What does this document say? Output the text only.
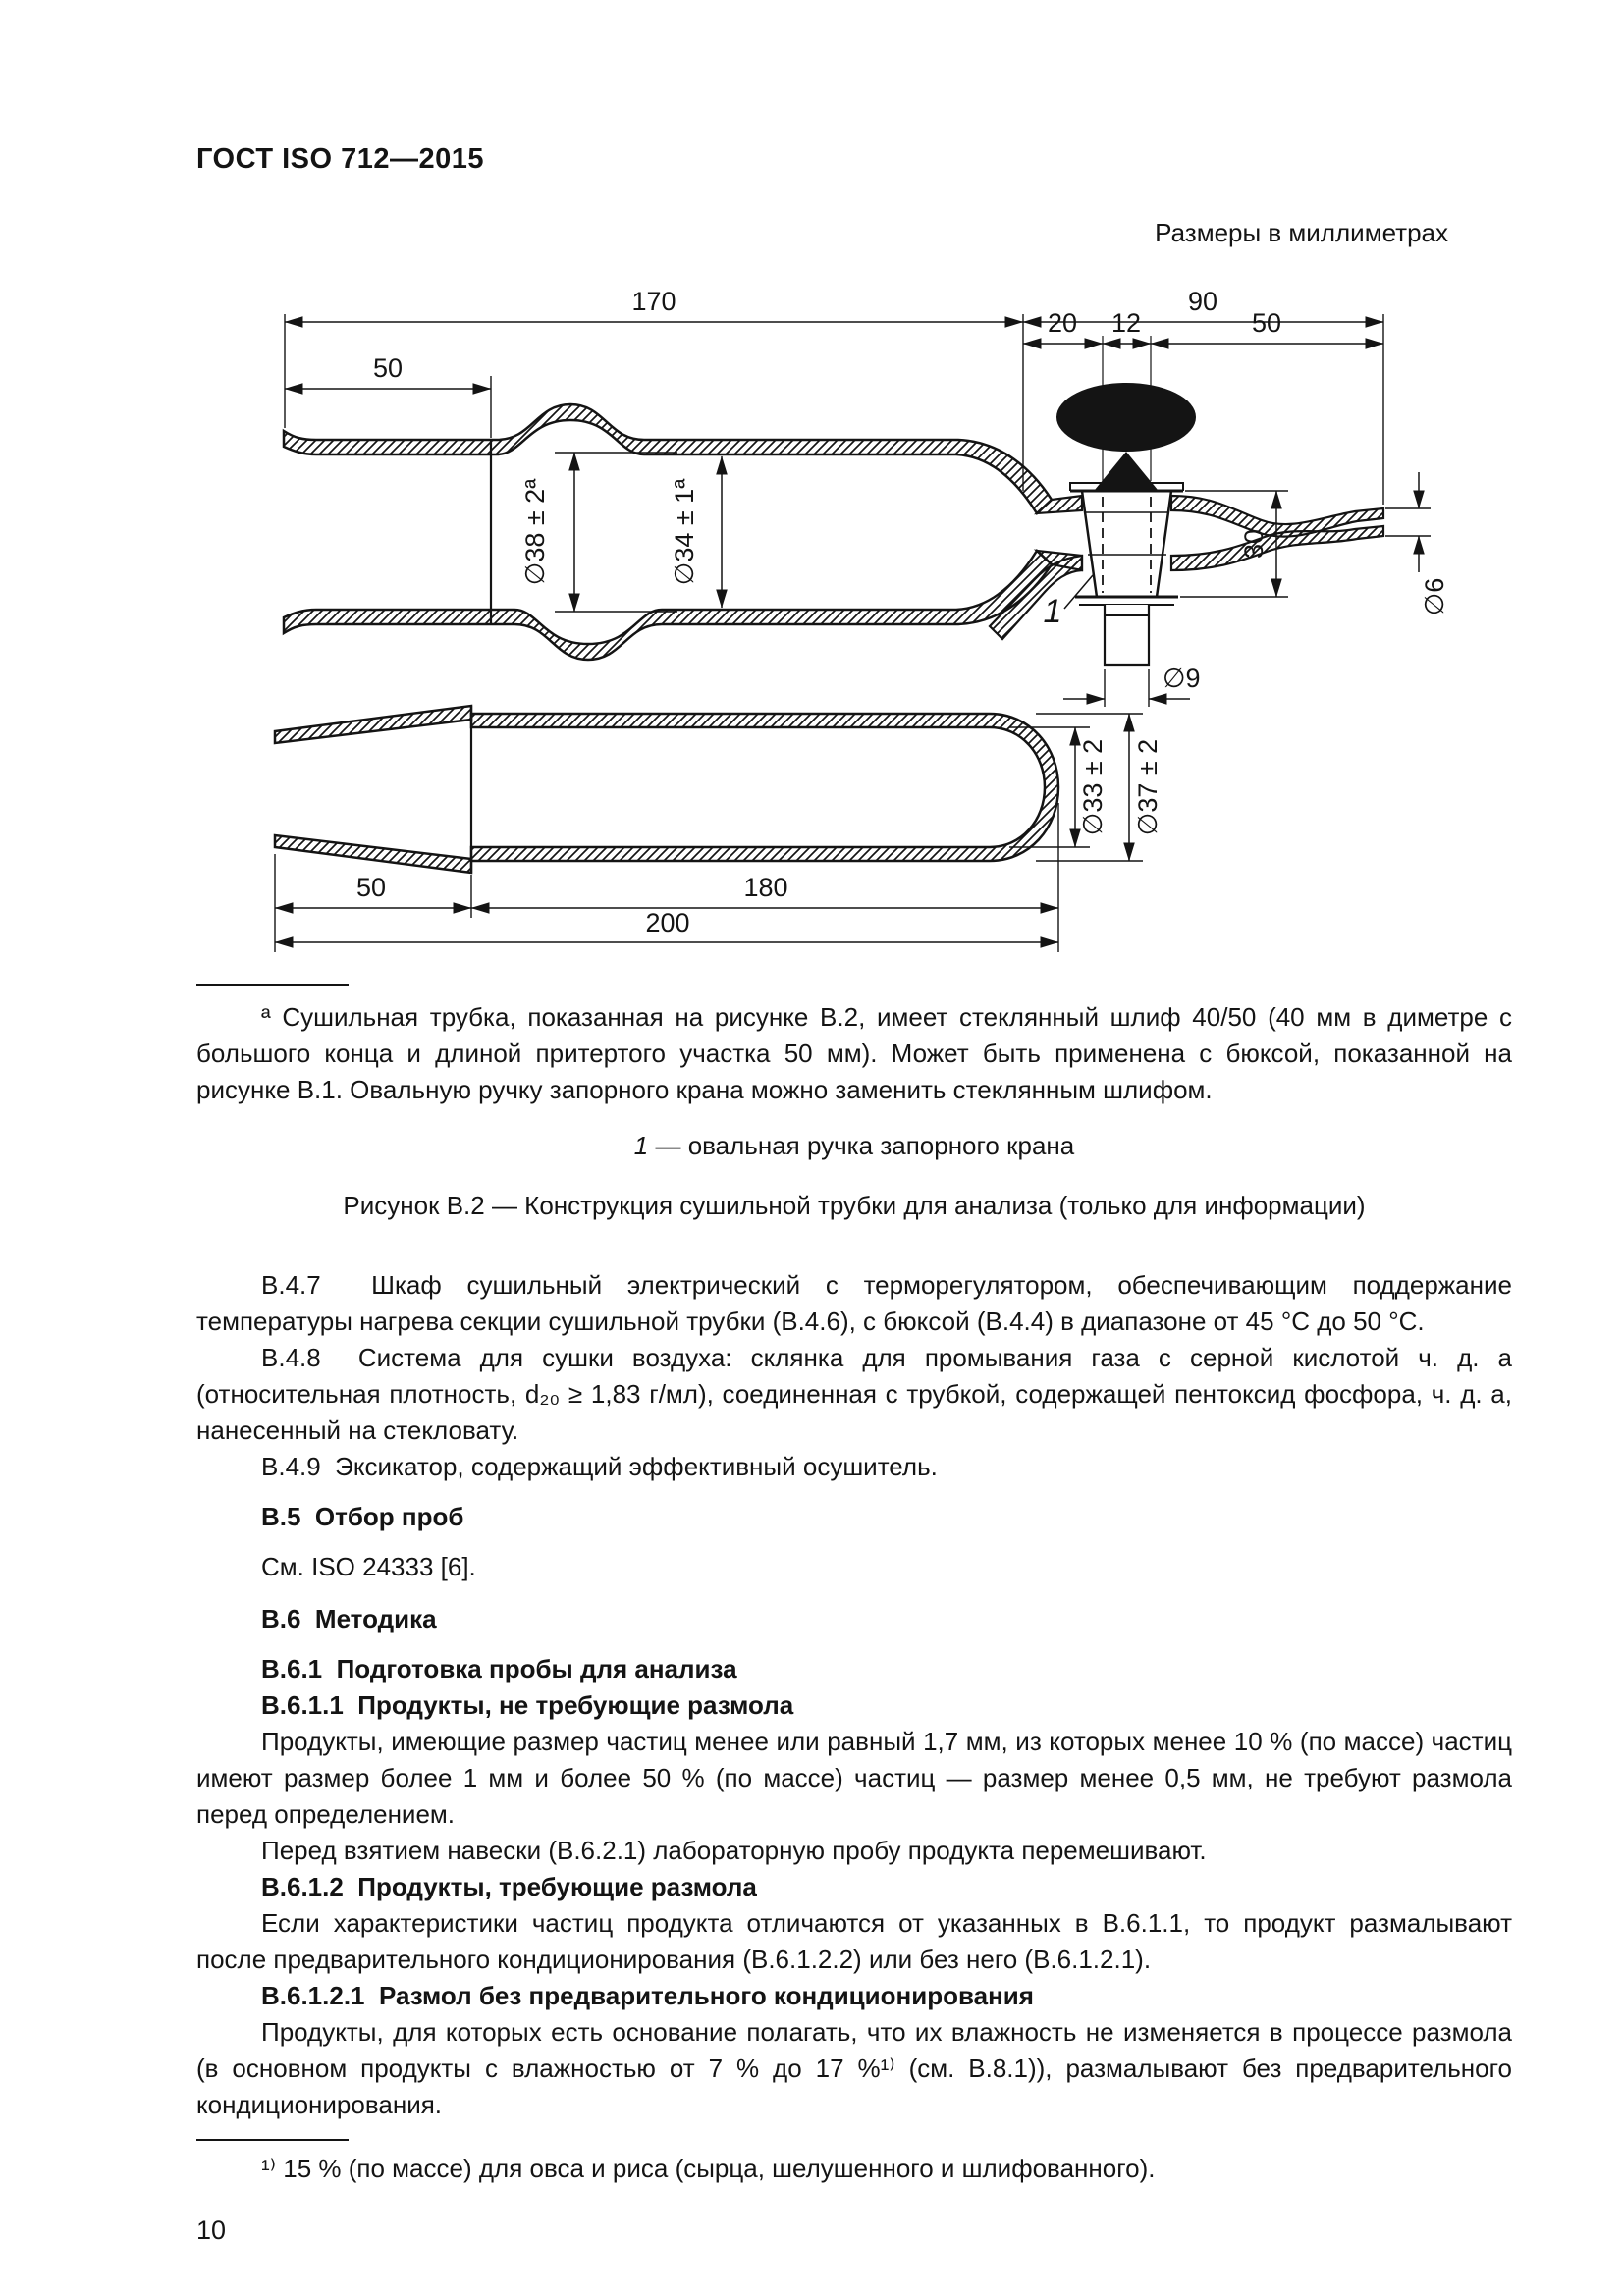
ГОСТ ISO 712—2015
Размеры в миллиметрах
170	90
50
20 12	50
∅38 ± 2ª	∅34 ± 1ª	30
∅6
∅9
1
∅33 ± 2 ∅37 ± 2
50	180
200

ª Сушильная трубка, показанная на рисунке В.2, имеет стеклянный шлиф 40/50 (40 мм в диметре с большого конца и длиной притертого участка 50 мм). Может быть применена с бюксой, показанной на рисунке В.1. Овальную ручку запорного крана можно заменить стеклянным шлифом.

1 — овальная ручка запорного крана
Рисунок В.2 — Конструкция сушильной трубки для анализа (только для информации)

В.4.7  Шкаф сушильный электрический с терморегулятором, обеспечивающим поддержание температуры нагрева секции сушильной трубки (В.4.6), с бюксой (В.4.4) в диапазоне от 45 °С до 50 °С.

В.4.8  Система для сушки воздуха: склянка для промывания газа с серной кислотой ч. д. а (относительная плотность, d₂₀ ≥ 1,83 г/мл), соединенная с трубкой, содержащей пентоксид фосфора, ч. д. а, нанесенный на стекловату.

В.4.9  Эксикатор, содержащий эффективный осушитель.

В.5  Отбор проб

См. ISO 24333 [6].

В.6  Методика

В.6.1  Подготовка пробы для анализа

В.6.1.1  Продукты, не требующие размола

Продукты, имеющие размер частиц менее или равный 1,7 мм, из которых менее 10 % (по массе) частиц имеют размер более 1 мм и более 50 % (по массе) частиц — размер менее 0,5 мм, не требуют размола перед определением.

Перед взятием навески (В.6.2.1) лабораторную пробу продукта перемешивают.

В.6.1.2  Продукты, требующие размола

Если характеристики частиц продукта отличаются от указанных в В.6.1.1, то продукт размалывают после предварительного кондиционирования (В.6.1.2.2) или без него (В.6.1.2.1).

В.6.1.2.1  Размол без предварительного кондиционирования

Продукты, для которых есть основание полагать, что их влажность не изменяется в процессе размола (в основном продукты с влажностью от 7 % до 17 %¹⁾ (см. В.8.1)), размалывают без предварительного кондиционирования.

¹⁾ 15 % (по массе) для овса и риса (сырца, шелушенного и шлифованного).

10
